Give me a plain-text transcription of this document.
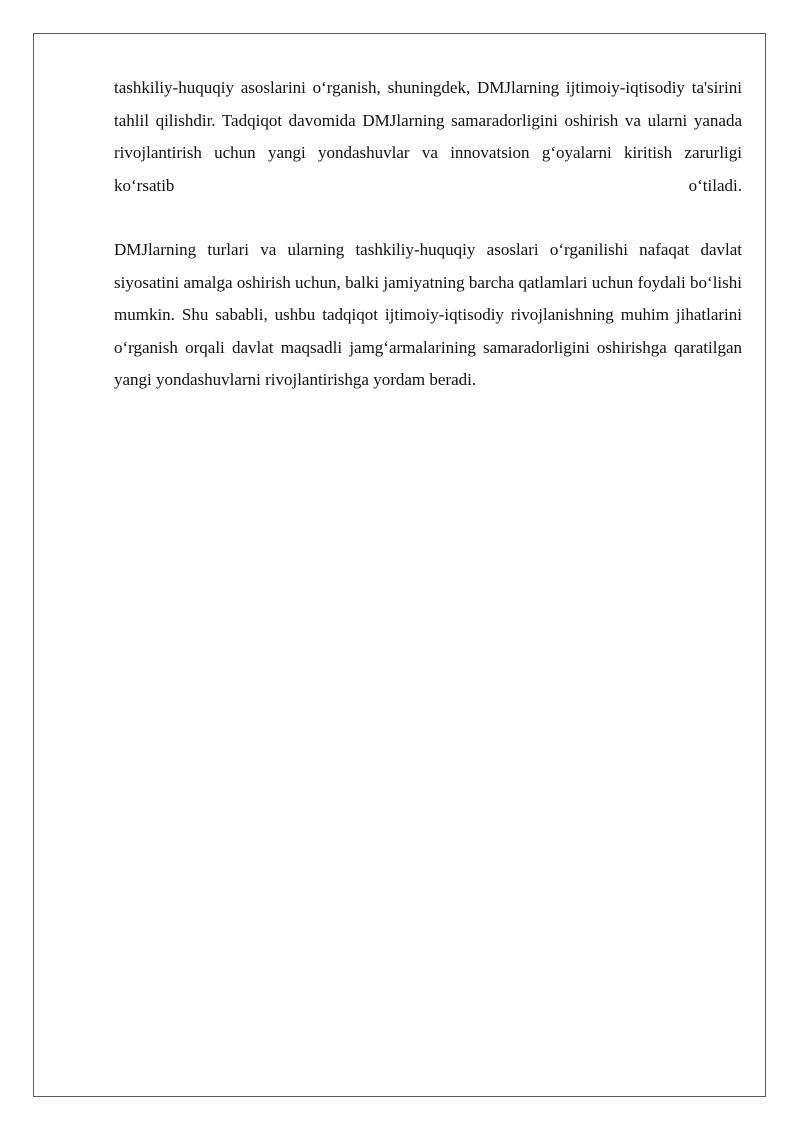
tashkiliy-huquqiy asoslarini o‘rganish, shuningdek, DMJlarning ijtimoiy-iqtisodiy ta'sirini tahlil qilishdir. Tadqiqot davomida DMJlarning samaradorligini oshirish va ularni yanada rivojlantirish uchun yangi yondashuvlar va innovatsion g‘oyalarni kiritish zarurligi ko‘rsatib o‘tiladi.

DMJlarning turlari va ularning tashkiliy-huquqiy asoslari o‘rganilishi nafaqat davlat siyosatini amalga oshirish uchun, balki jamiyatning barcha qatlamlari uchun foydali bo‘lishi mumkin. Shu sababli, ushbu tadqiqot ijtimoiy-iqtisodiy rivojlanishning muhim jihatlarini o‘rganish orqali davlat maqsadli jamg‘armalarining samaradorligini oshirishga qaratilgan yangi yondashuvlarni rivojlantirishga yordam beradi.
